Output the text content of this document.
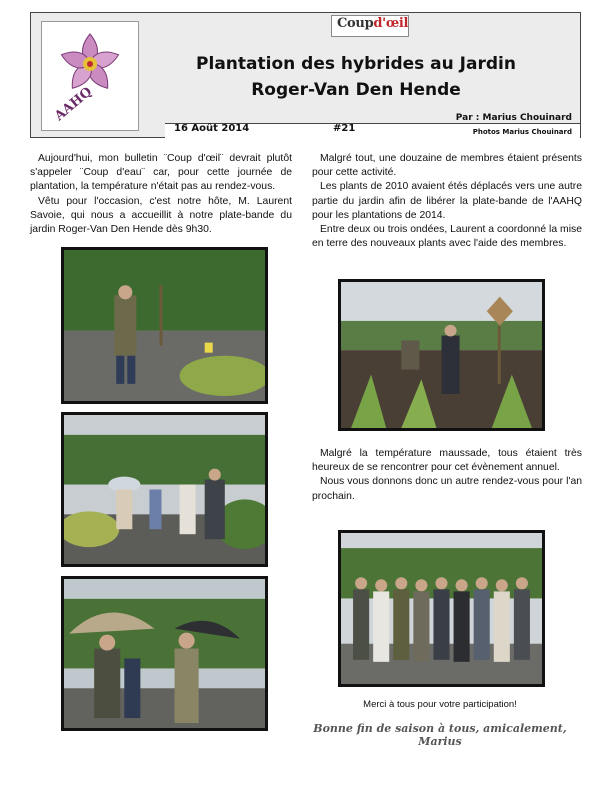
AAHQ
Coupd'œil
Plantation des hybrides au Jardin
Roger-Van Den Hende
16 Août 2014	#21
Par : Marius Chouinard
Photos Marius Chouinard

Aujourd'hui, mon bulletin ¨Coup d'œil¨ devrait plutôt s'appeler ¨Coup d'eau¨ car, pour cette journée de plantation, la température n'était pas au rendez-vous.

Vêtu pour l'occasion, c'est notre hôte, M. Laurent Savoie, qui nous a accueillit à notre plate-bande du jardin Roger-Van Den Hende dès 9h30.

Malgré tout, une douzaine de membres étaient présents pour cette activité.

Les plants de 2010 avaient étés déplacés vers une autre partie du jardin afin de libérer la plate-bande de l'AAHQ pour les plantations de 2014.

Entre deux ou trois ondées, Laurent a coordonné la mise en terre des nouveaux plants avec l'aide des membres.

Malgré la température maussade, tous étaient très heureux de se rencontrer pour cet évènement annuel.

Nous vous donnons donc un autre rendez-vous pour l'an prochain.

Merci à tous pour votre participation!
Bonne fin de saison à tous, amicalement, Marius
